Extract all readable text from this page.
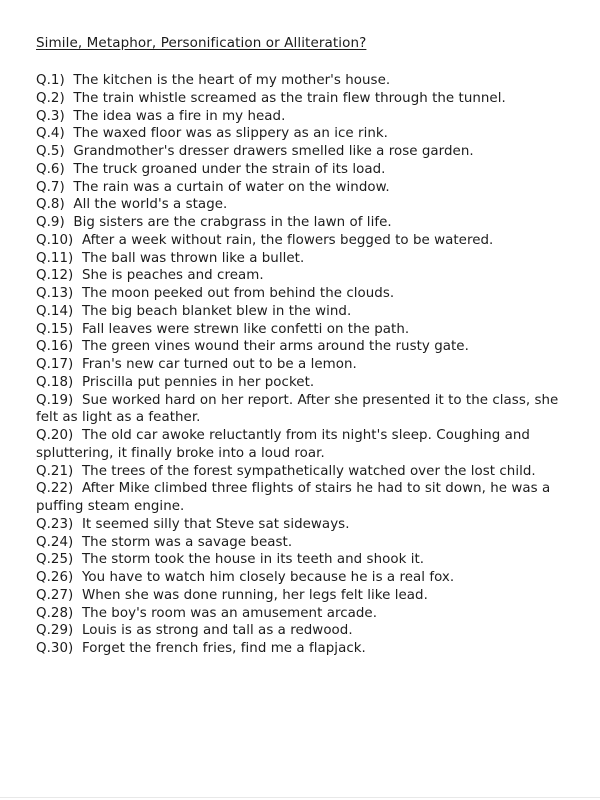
Simile, Metaphor, Personification or Alliteration?
Q.1) The kitchen is the heart of my mother's house.
Q.2) The train whistle screamed as the train flew through the tunnel.
Q.3) The idea was a fire in my head.
Q.4) The waxed floor was as slippery as an ice rink.
Q.5) Grandmother's dresser drawers smelled like a rose garden.
Q.6) The truck groaned under the strain of its load.
Q.7) The rain was a curtain of water on the window.
Q.8) All the world's a stage.
Q.9) Big sisters are the crabgrass in the lawn of life.
Q.10) After a week without rain, the flowers begged to be watered.
Q.11) The ball was thrown like a bullet.
Q.12) She is peaches and cream.
Q.13) The moon peeked out from behind the clouds.
Q.14) The big beach blanket blew in the wind.
Q.15) Fall leaves were strewn like confetti on the path.
Q.16) The green vines wound their arms around the rusty gate.
Q.17) Fran's new car turned out to be a lemon.
Q.18) Priscilla put pennies in her pocket.
Q.19) Sue worked hard on her report. After she presented it to the class, she felt as light as a feather.
Q.20) The old car awoke reluctantly from its night's sleep. Coughing and spluttering, it finally broke into a loud roar.
Q.21) The trees of the forest sympathetically watched over the lost child.
Q.22) After Mike climbed three flights of stairs he had to sit down, he was a puffing steam engine.
Q.23) It seemed silly that Steve sat sideways.
Q.24) The storm was a savage beast.
Q.25) The storm took the house in its teeth and shook it.
Q.26) You have to watch him closely because he is a real fox.
Q.27) When she was done running, her legs felt like lead.
Q.28) The boy's room was an amusement arcade.
Q.29) Louis is as strong and tall as a redwood.
Q.30) Forget the french fries, find me a flapjack.
